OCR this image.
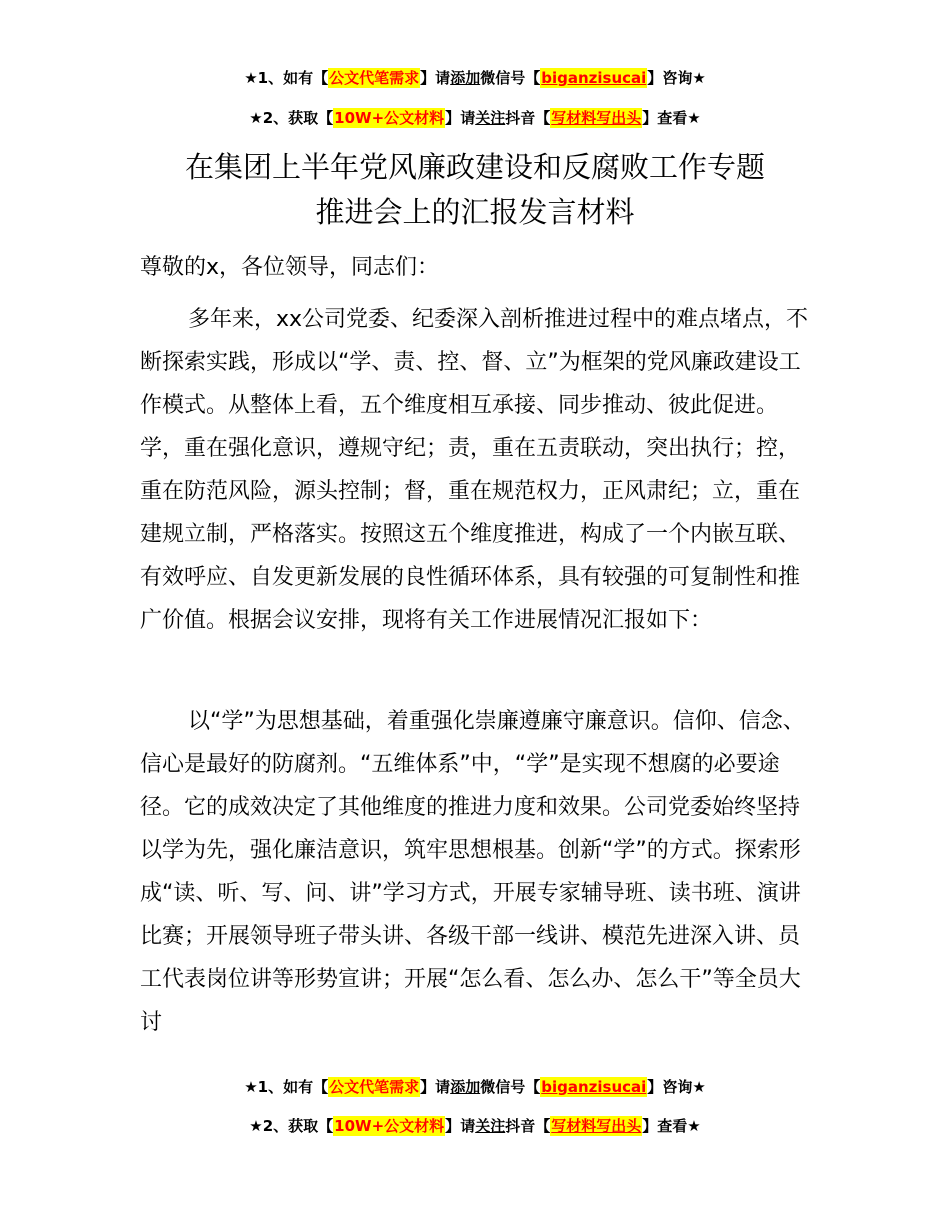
★1、如有【公文代笔需求】请添加微信号【biganzisucai】咨询★
★2、获取【10W+公文材料】请关注抖音【写材料写出头】查看★
在集团上半年党风廉政建设和反腐败工作专题
推进会上的汇报发言材料
尊敬的x，各位领导，同志们：
多年来，xx公司党委、纪委深入剖析推进过程中的难点堵点，不断探索实践，形成以“学、责、控、督、立”为框架的党风廉政建设工作模式。从整体上看，五个维度相互承接、同步推动、彼此促进。学，重在强化意识，遵规守纪；责，重在五责联动，突出执行；控，重在防范风险，源头控制；督，重在规范权力，正风肃纪；立，重在建规立制，严格落实。按照这五个维度推进，构成了一个内嵌互联、有效呼应、自发更新发展的良性循环体系，具有较强的可复制性和推广价值。根据会议安排，现将有关工作进展情况汇报如下：
以“学”为思想基础，着重强化崇廉遵廉守廉意识。信仰、信念、信心是最好的防腐剂。“五维体系”中，“学”是实现不想腐的必要途径。它的成效决定了其他维度的推进力度和效果。公司党委始终坚持以学为先，强化廉洁意识，筑牢思想根基。创新“学”的方式。探索形成“读、听、写、问、讲”学习方式，开展专家辅导班、读书班、演讲比赛；开展领导班子带头讲、各级干部一线讲、模范先进深入讲、员工代表岗位讲等形势宣讲；开展“怎么看、怎么办、怎么干”等全员大讨
★1、如有【公文代笔需求】请添加微信号【biganzisucai】咨询★
★2、获取【10W+公文材料】请关注抖音【写材料写出头】查看★
